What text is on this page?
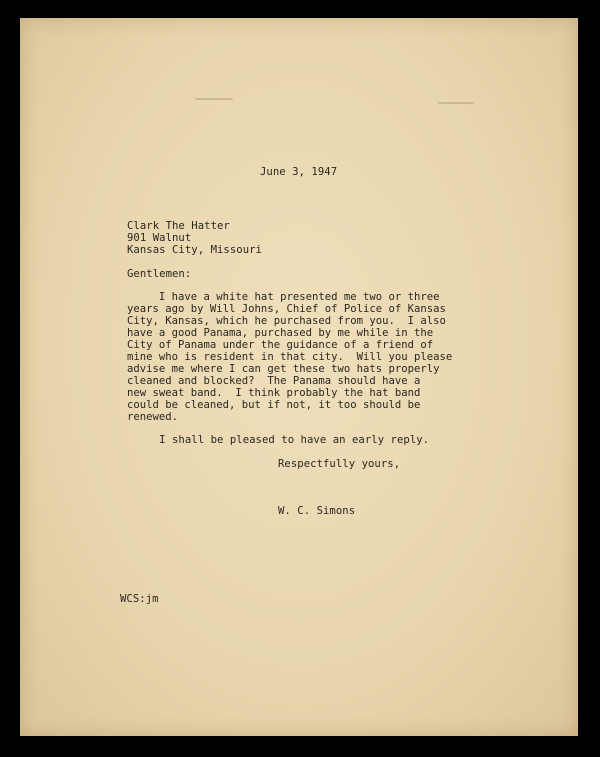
June 3, 1947
Clark The Hatter
901 Walnut
Kansas City, Missouri
Gentlemen:
I have a white hat presented me two or three
years ago by Will Johns, Chief of Police of Kansas
City, Kansas, which he purchased from you.  I also
have a good Panama, purchased by me while in the
City of Panama under the guidance of a friend of
mine who is resident in that city.  Will you please
advise me where I can get these two hats properly
cleaned and blocked?  The Panama should have a
new sweat band.  I think probably the hat band
could be cleaned, but if not, it too should be
renewed.
I shall be pleased to have an early reply.
Respectfully yours,
W. C. Simons
WCS:jm
